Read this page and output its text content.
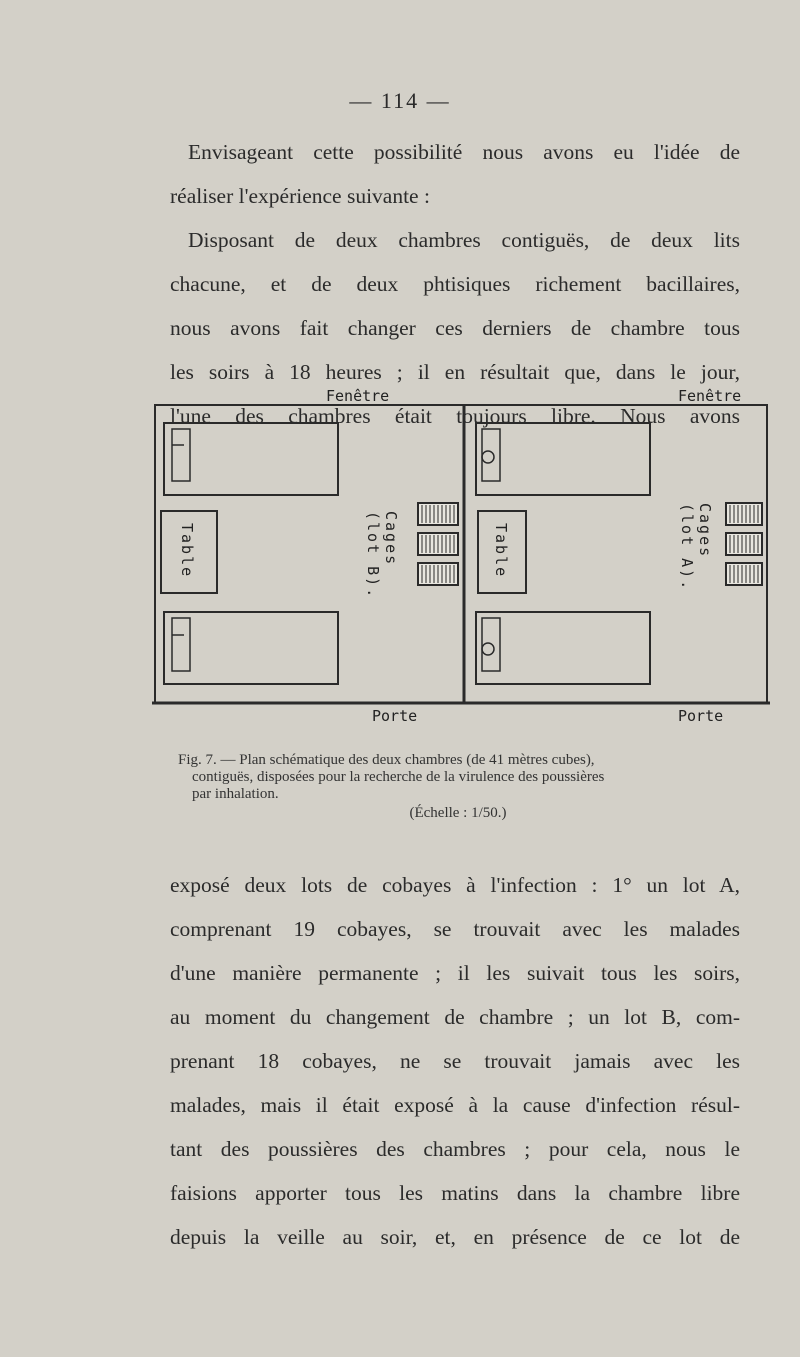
— 114 —

Envisageant cette possibilité nous avons eu l'idée de

réaliser l'expérience suivante :

Disposant de deux chambres contiguës, de deux lits

chacune, et de deux phtisiques richement bacillaires,

nous avons fait changer ces derniers de chambre tous

les soirs à 18 heures ; il en résultait que, dans le jour,

l'une des chambres était toujours libre. Nous avons

Fenêtre	Fenêtre
Porte	Porte
Table	Table
Cages
(lot B).
Cages
(lot A).
Fig. 7. — Plan schématique des deux chambres (de 41 mètres cubes),
contiguës, disposées pour la recherche de la virulence des poussières
par inhalation.
(Échelle : 1/50.)

exposé deux lots de cobayes à l'infection : 1° un lot A,

comprenant 19 cobayes, se trouvait avec les malades

d'une manière permanente ; il les suivait tous les soirs,

au moment du changement de chambre ; un lot B, com-

prenant 18 cobayes, ne se trouvait jamais avec les

malades, mais il était exposé à la cause d'infection résul-

tant des poussières des chambres ; pour cela, nous le

faisions apporter tous les matins dans la chambre libre

depuis la veille au soir, et, en présence de ce lot de
